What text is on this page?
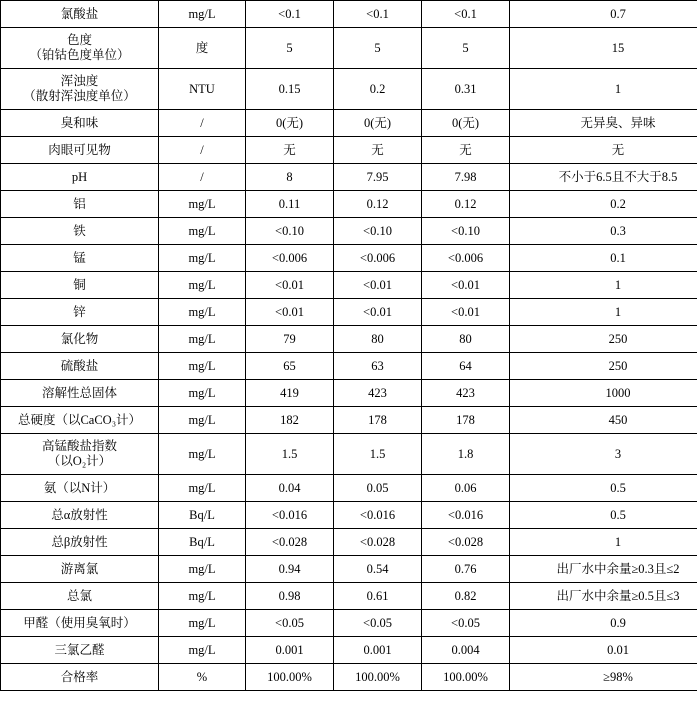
氯酸盐	mg/L	<0.1	<0.1	<0.1	0.7

色度
（铂钴色度单位）	度	5	5	5	15

浑浊度
（散射浑浊度单位）	NTU	0.15	0.2	0.31	1
臭和味	/	0(无)	0(无)	0(无)	无异臭、异味
肉眼可见物	/	无	无	无	无
pH	/	8	7.95	7.98	不小于6.5且不大于8.5
铝	mg/L	0.11	0.12	0.12	0.2
铁	mg/L	<0.10	<0.10	<0.10	0.3
锰	mg/L	<0.006	<0.006	<0.006	0.1
铜	mg/L	<0.01	<0.01	<0.01	1
锌	mg/L	<0.01	<0.01	<0.01	1
氯化物	mg/L	79	80	80	250
硫酸盐	mg/L	65	63	64	250
溶解性总固体	mg/L	419	423	423	1000
总硬度（以CaCO₃计）	mg/L	182	178	178	450

高锰酸盐指数
（以O₂计）	mg/L	1.5	1.5	1.8	3
氨（以N计）	mg/L	0.04	0.05	0.06	0.5
总α放射性	Bq/L	<0.016	<0.016	<0.016	0.5
总β放射性	Bq/L	<0.028	<0.028	<0.028	1
游离氯	mg/L	0.94	0.54	0.76	出厂水中余量≥0.3且≤2
总氯	mg/L	0.98	0.61	0.82	出厂水中余量≥0.5且≤3
甲醛（使用臭氧时）	mg/L	<0.05	<0.05	<0.05	0.9
三氯乙醛	mg/L	0.001	0.001	0.004	0.01
合格率	%	100.00%	100.00%	100.00%	≥98%
